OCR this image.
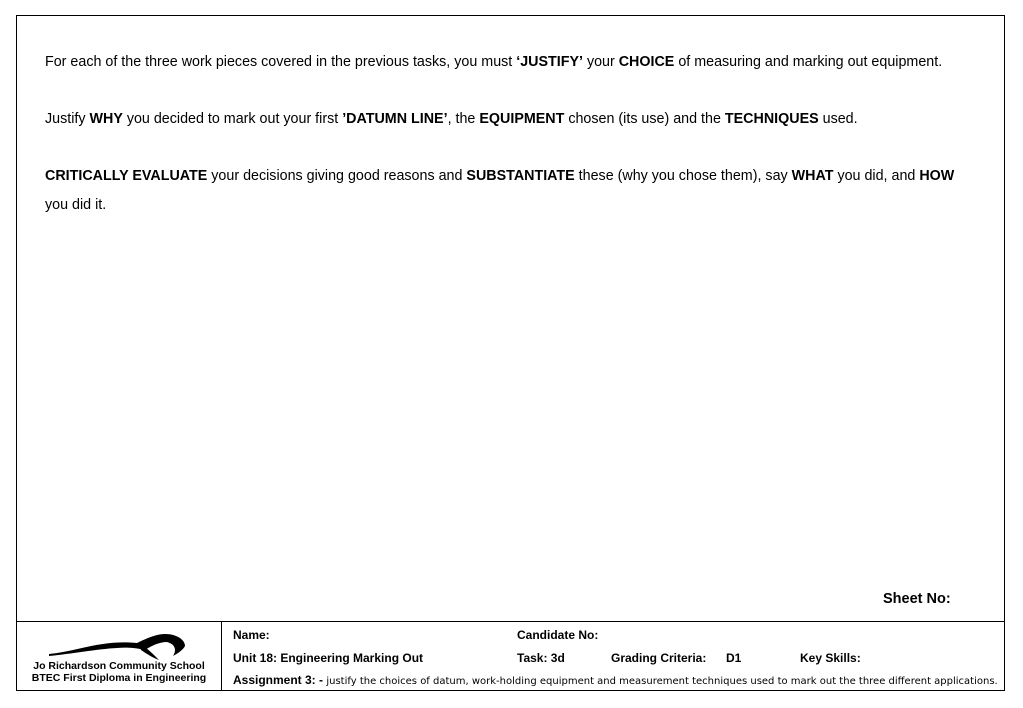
For each of the three work pieces covered in the previous tasks, you must ‘JUSTIFY’ your CHOICE of measuring and marking out equipment.

Justify WHY you decided to mark out your first ’DATUMN LINE’, the EQUIPMENT chosen (its use) and the TECHNIQUES used.

CRITICALLY EVALUATE your decisions giving good reasons and SUBSTANTIATE these (why you chose them), say WHAT you did, and HOW you did it.

Sheet No:
Jo Richardson Community School
BTEC First Diploma in Engineering
Name:	Candidate No:
Unit 18: Engineering Marking Out	Task: 3d	Grading Criteria: D1	Key Skills:
Assignment 3: - justify the choices of datum, work-holding equipment and measurement techniques used to mark out the three different applications.
